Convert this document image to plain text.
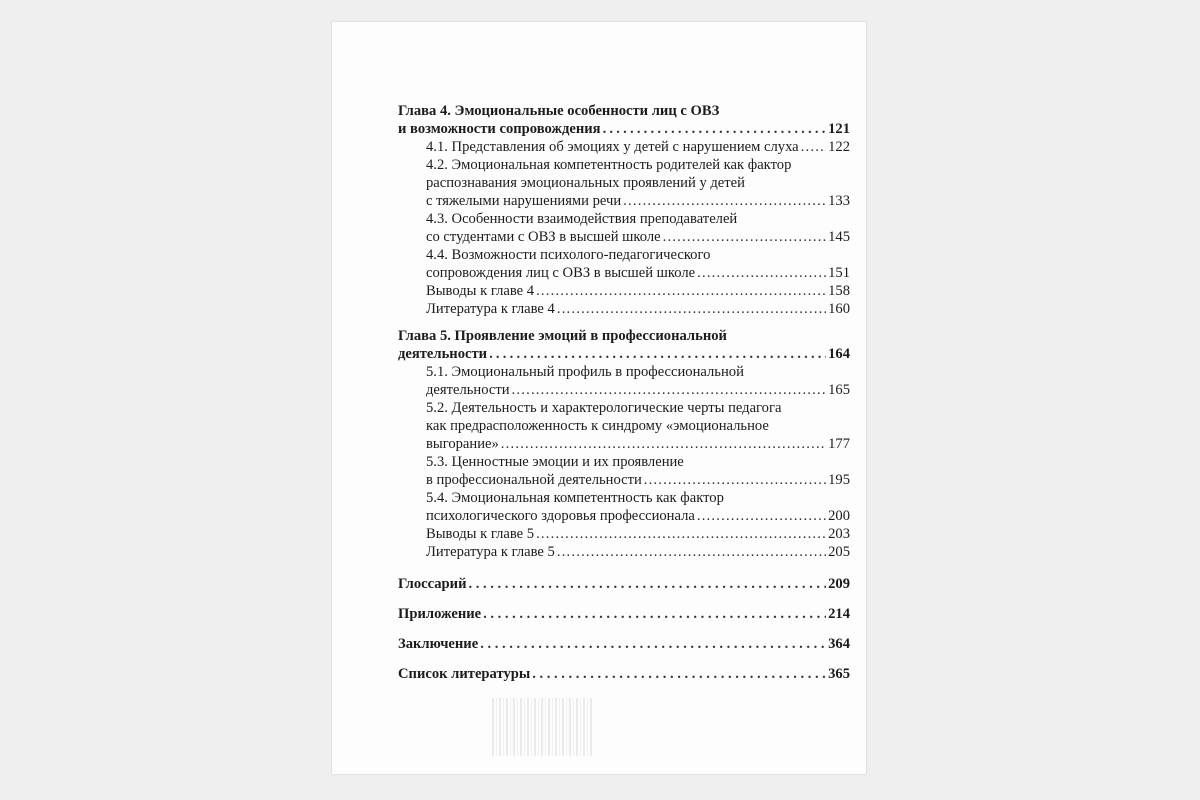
Глава 4. Эмоциональные особенности лиц с ОВЗ
и возможности сопровождения .....	121
4.1. Представления об эмоциях у детей с нарушением слуха ..... 122
4.2. Эмоциональная компетентность родителей как фактор
распознавания эмоциональных проявлений у детей
с тяжелыми нарушениями речи .....	133
4.3. Особенности взаимодействия преподавателей
со студентами с ОВЗ в высшей школе .....	145
4.4. Возможности психолого-педагогического
сопровождения лиц с ОВЗ в высшей школе .....	151
Выводы к главе 4 .....	158
Литература к главе 4 .....	160
Глава 5. Проявление эмоций в профессиональной
деятельности .....	164
5.1. Эмоциональный профиль в профессиональной
деятельности .....	165
5.2. Деятельность и характерологические черты педагога
как предрасположенность к синдрому «эмоциональное
выгорание» .....	177
5.3. Ценностные эмоции и их проявление
в профессиональной деятельности .....	195
5.4. Эмоциональная компетентность как фактор
психологического здоровья профессионала .....	200
Выводы к главе 5 .....	203
Литература к главе 5 .....	205
Глоссарий .....	209
Приложение .....	214
Заключение .....	364
Список литературы .....	365
